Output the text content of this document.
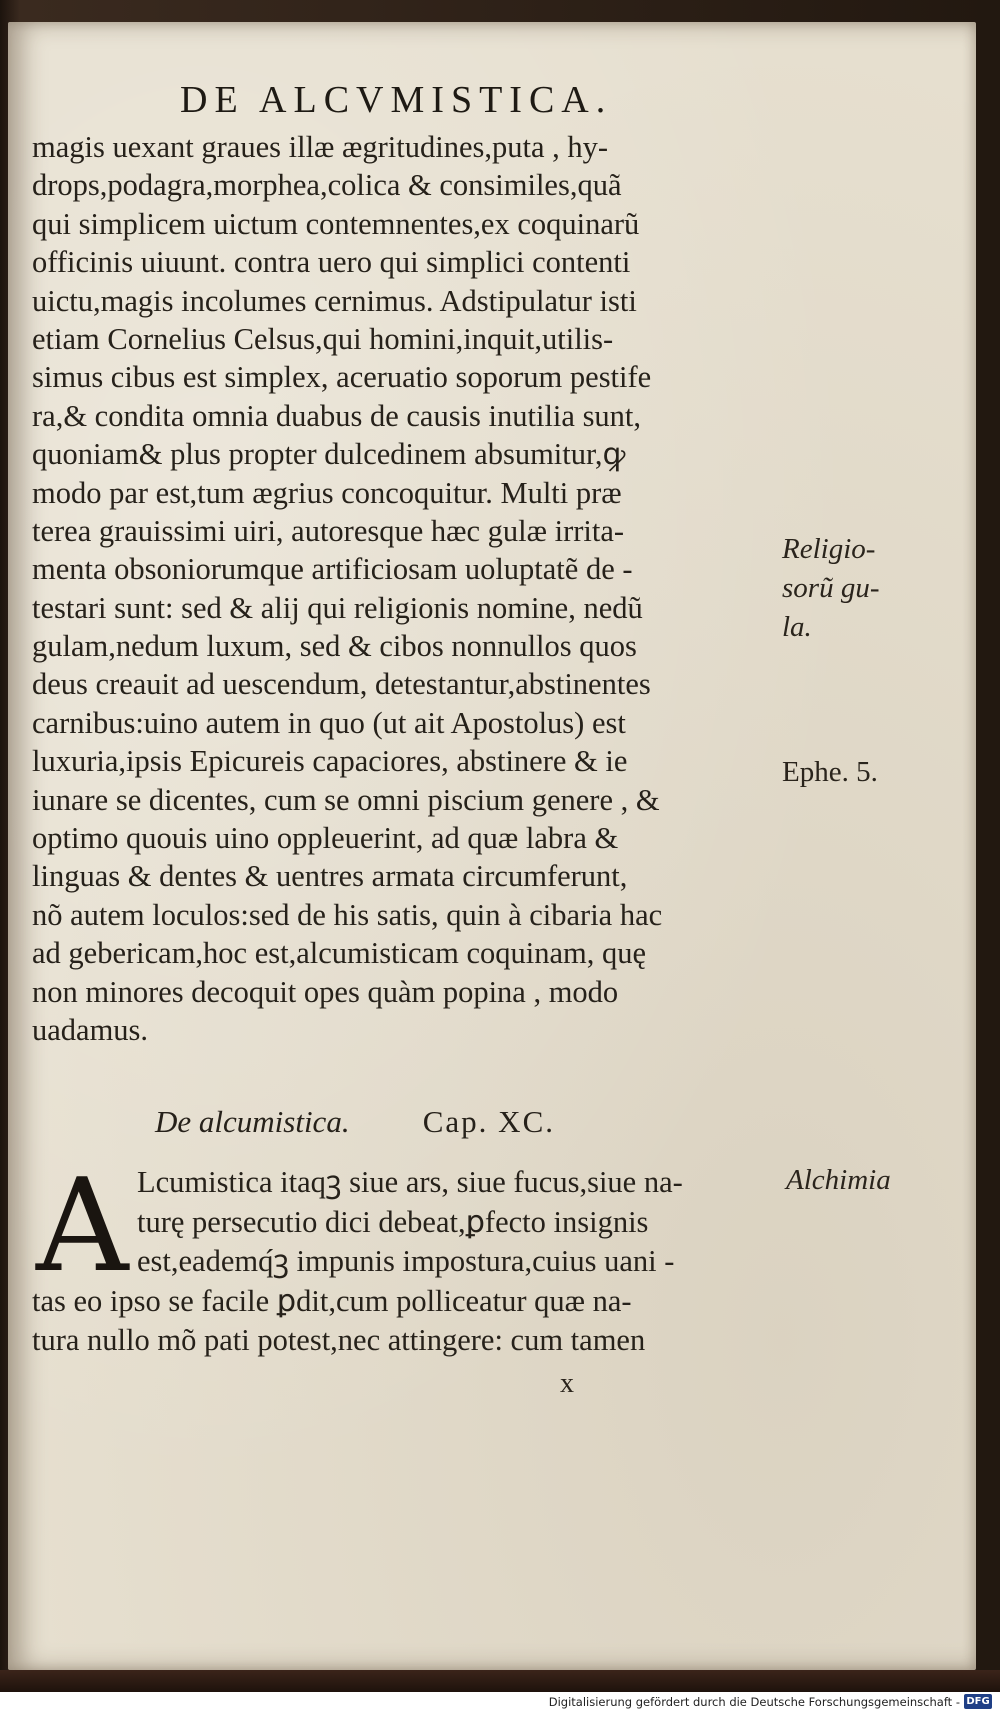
DE ALCVMISTICA.
magis uexant graues illæ ægritudines,puta , hy-
drops,podagra,morphea,colica & consimiles,quã
qui simplicem uictum contemnentes,ex coquinarũ
officinis uiuunt. contra uero qui simplici contenti
uictu,magis incolumes cernimus. Adstipulatur isti
etiam Cornelius Celsus,qui homini,inquit,utilis-
simus cibus est simplex, aceruatio soporum pestife
ra,& condita omnia duabus de causis inutilia sunt,
quoniam& plus propter dulcedinem absumitur,ꝙ
modo par est,tum ægrius concoquitur. Multi præ
terea grauissimi uiri, autoresque hæc gulæ irrita-
menta obsoniorumque artificiosam uoluptatẽ de -
testari sunt: sed & alij qui religionis nomine, nedũ
gulam,nedum luxum, sed & cibos nonnullos quos
deus creauit ad uescendum, detestantur,abstinentes
carnibus:uino autem in quo (ut ait Apostolus) est
luxuria,ipsis Epicureis capaciores, abstinere & ie
iunare se dicentes, cum se omni piscium genere , &
optimo quouis uino oppleuerint, ad quæ labra &
linguas & dentes & uentres armata circumferunt,
nõ autem loculos:sed de his satis, quin à cibaria hac
ad gebericam,hoc est,alcumisticam coquinam, quę
non minores decoquit opes quàm popina , modo
uadamus.
Religio-
sorũ gu-
la.
Ephe. 5.
De alcumistica. Cap. XC.
A Lcumistica itaqꝫ siue ars, siue fucus,siue na-
turę persecutio dici debeat,ꝑfecto insignis
est,eademq́ꝫ impunis impostura,cuius uani -
tas eo ipso se facile ꝑdit,cum polliceatur quæ na-
tura nullo mõ pati potest,nec attingere: cum tamen
Alchimia
x
Digitalisierung gefördert durch die Deutsche Forschungsgemeinschaft - DFG
